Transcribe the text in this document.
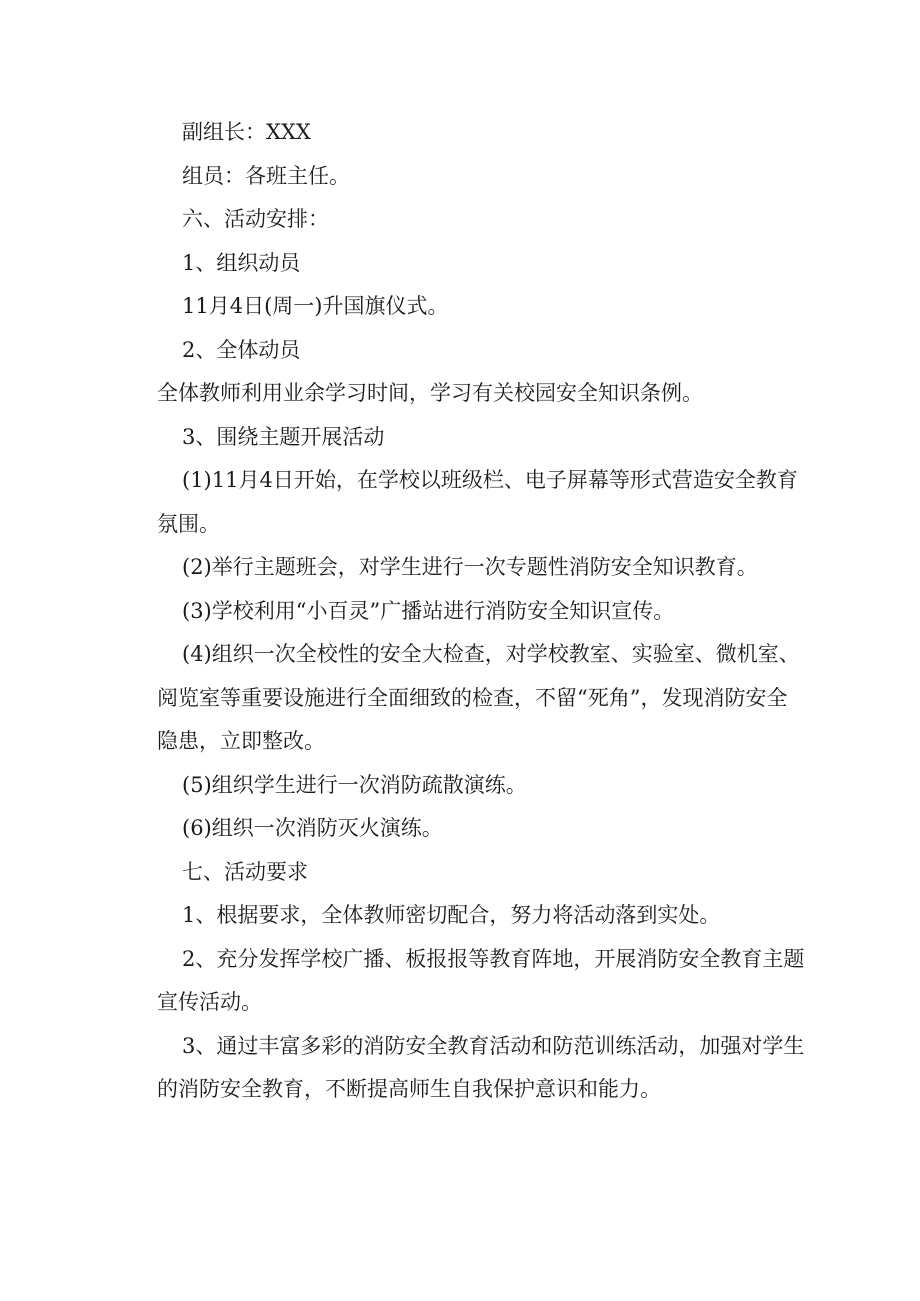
副组长：XXX

组员：各班主任。

六、活动安排：

1、组织动员

11月4日(周一)升国旗仪式。

2、全体动员

全体教师利用业余学习时间，学习有关校园安全知识条例。

3、围绕主题开展活动

(1)11月4日开始，在学校以班级栏、电子屏幕等形式营造安全教育氛围。

(2)举行主题班会，对学生进行一次专题性消防安全知识教育。

(3)学校利用“小百灵”广播站进行消防安全知识宣传。

(4)组织一次全校性的安全大检查，对学校教室、实验室、微机室、阅览室等重要设施进行全面细致的检查，不留“死角”，发现消防安全隐患，立即整改。

(5)组织学生进行一次消防疏散演练。

(6)组织一次消防灭火演练。

七、活动要求

1、根据要求，全体教师密切配合，努力将活动落到实处。

2、充分发挥学校广播、板报报等教育阵地，开展消防安全教育主题宣传活动。

3、通过丰富多彩的消防安全教育活动和防范训练活动，加强对学生的消防安全教育，不断提高师生自我保护意识和能力。
